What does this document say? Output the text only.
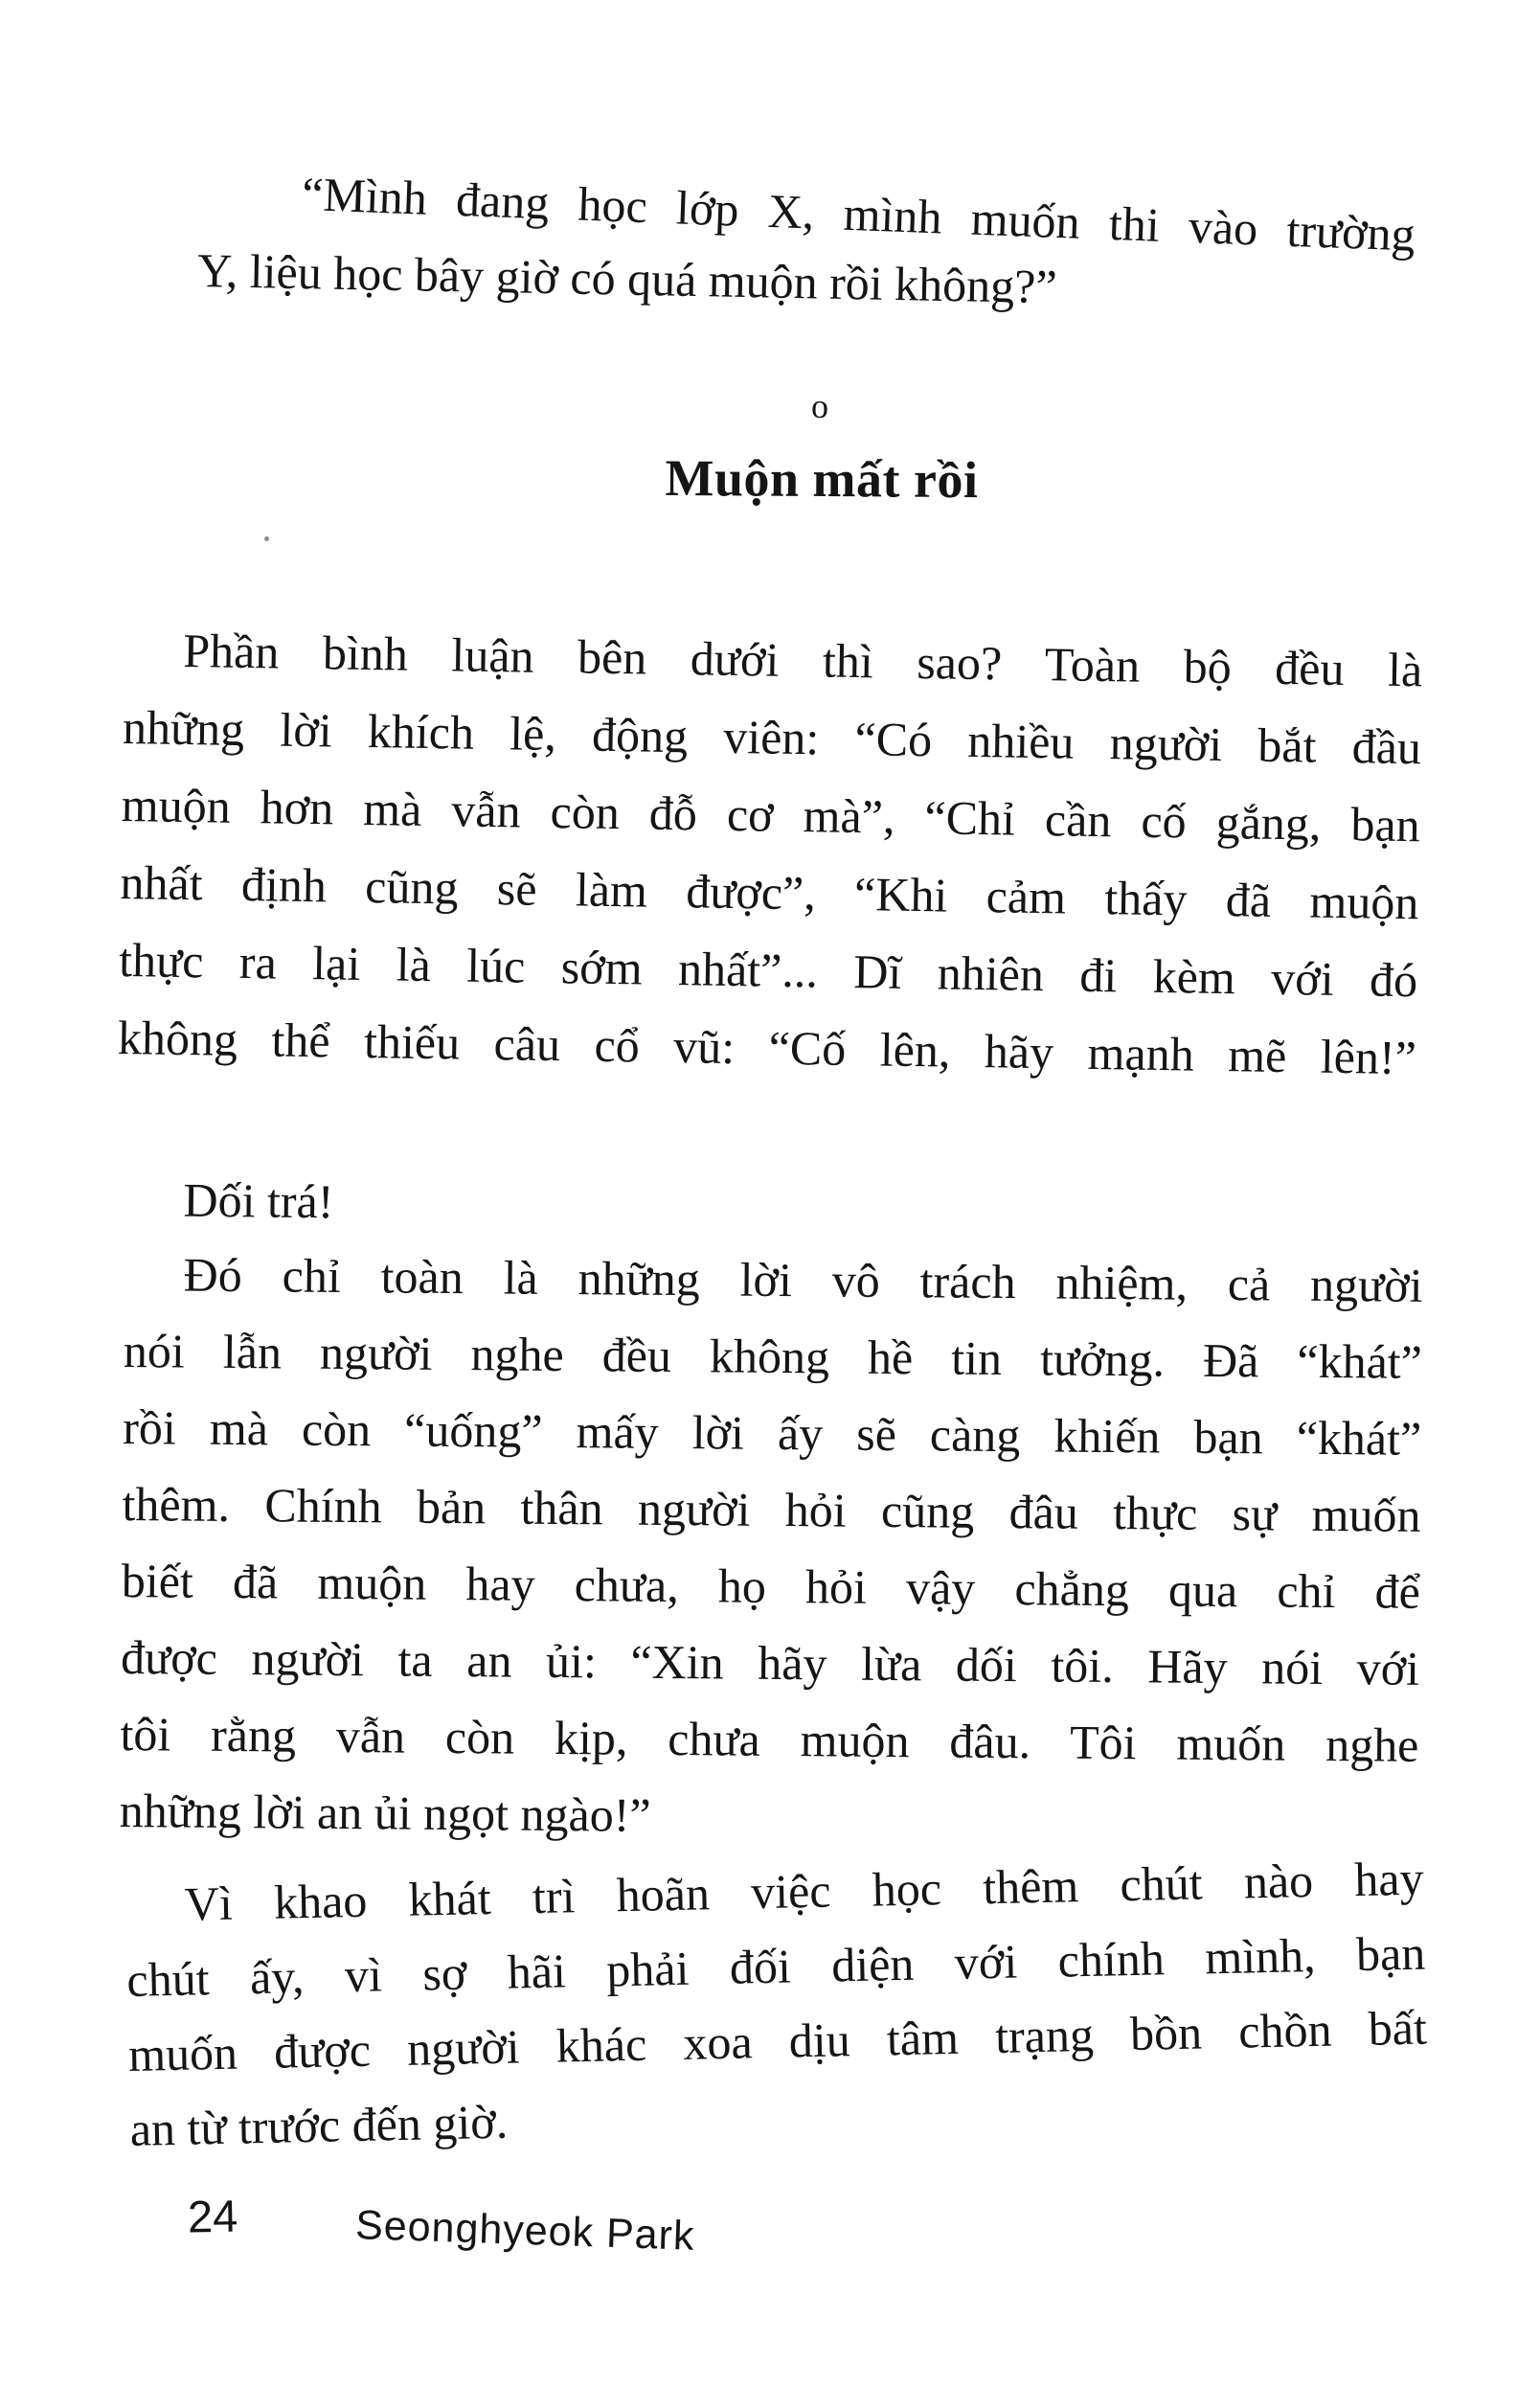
“Mình đang học lớp X, mình muốn thi vào trường
Y, liệu học bây giờ có quá muộn rồi không?”
o
Muộn mất rồi
Phần bình luận bên dưới thì sao? Toàn bộ đều là
những lời khích lệ, động viên: “Có nhiều người bắt đầu
muộn hơn mà vẫn còn đỗ cơ mà”, “Chỉ cần cố gắng, bạn
nhất định cũng sẽ làm được”, “Khi cảm thấy đã muộn
thực ra lại là lúc sớm nhất”... Dĩ nhiên đi kèm với đó
không thể thiếu câu cổ vũ: “Cố lên, hãy mạnh mẽ lên!”
Dối trá!
Đó chỉ toàn là những lời vô trách nhiệm, cả người
nói lẫn người nghe đều không hề tin tưởng. Đã “khát”
rồi mà còn “uống” mấy lời ấy sẽ càng khiến bạn “khát”
thêm. Chính bản thân người hỏi cũng đâu thực sự muốn
biết đã muộn hay chưa, họ hỏi vậy chẳng qua chỉ để
được người ta an ủi: “Xin hãy lừa dối tôi. Hãy nói với
tôi rằng vẫn còn kịp, chưa muộn đâu. Tôi muốn nghe
những lời an ủi ngọt ngào!”
Vì khao khát trì hoãn việc học thêm chút nào hay
chút ấy, vì sợ hãi phải đối diện với chính mình, bạn
muốn được người khác xoa dịu tâm trạng bồn chồn bất
an từ trước đến giờ.
24	Seonghyeok Park
